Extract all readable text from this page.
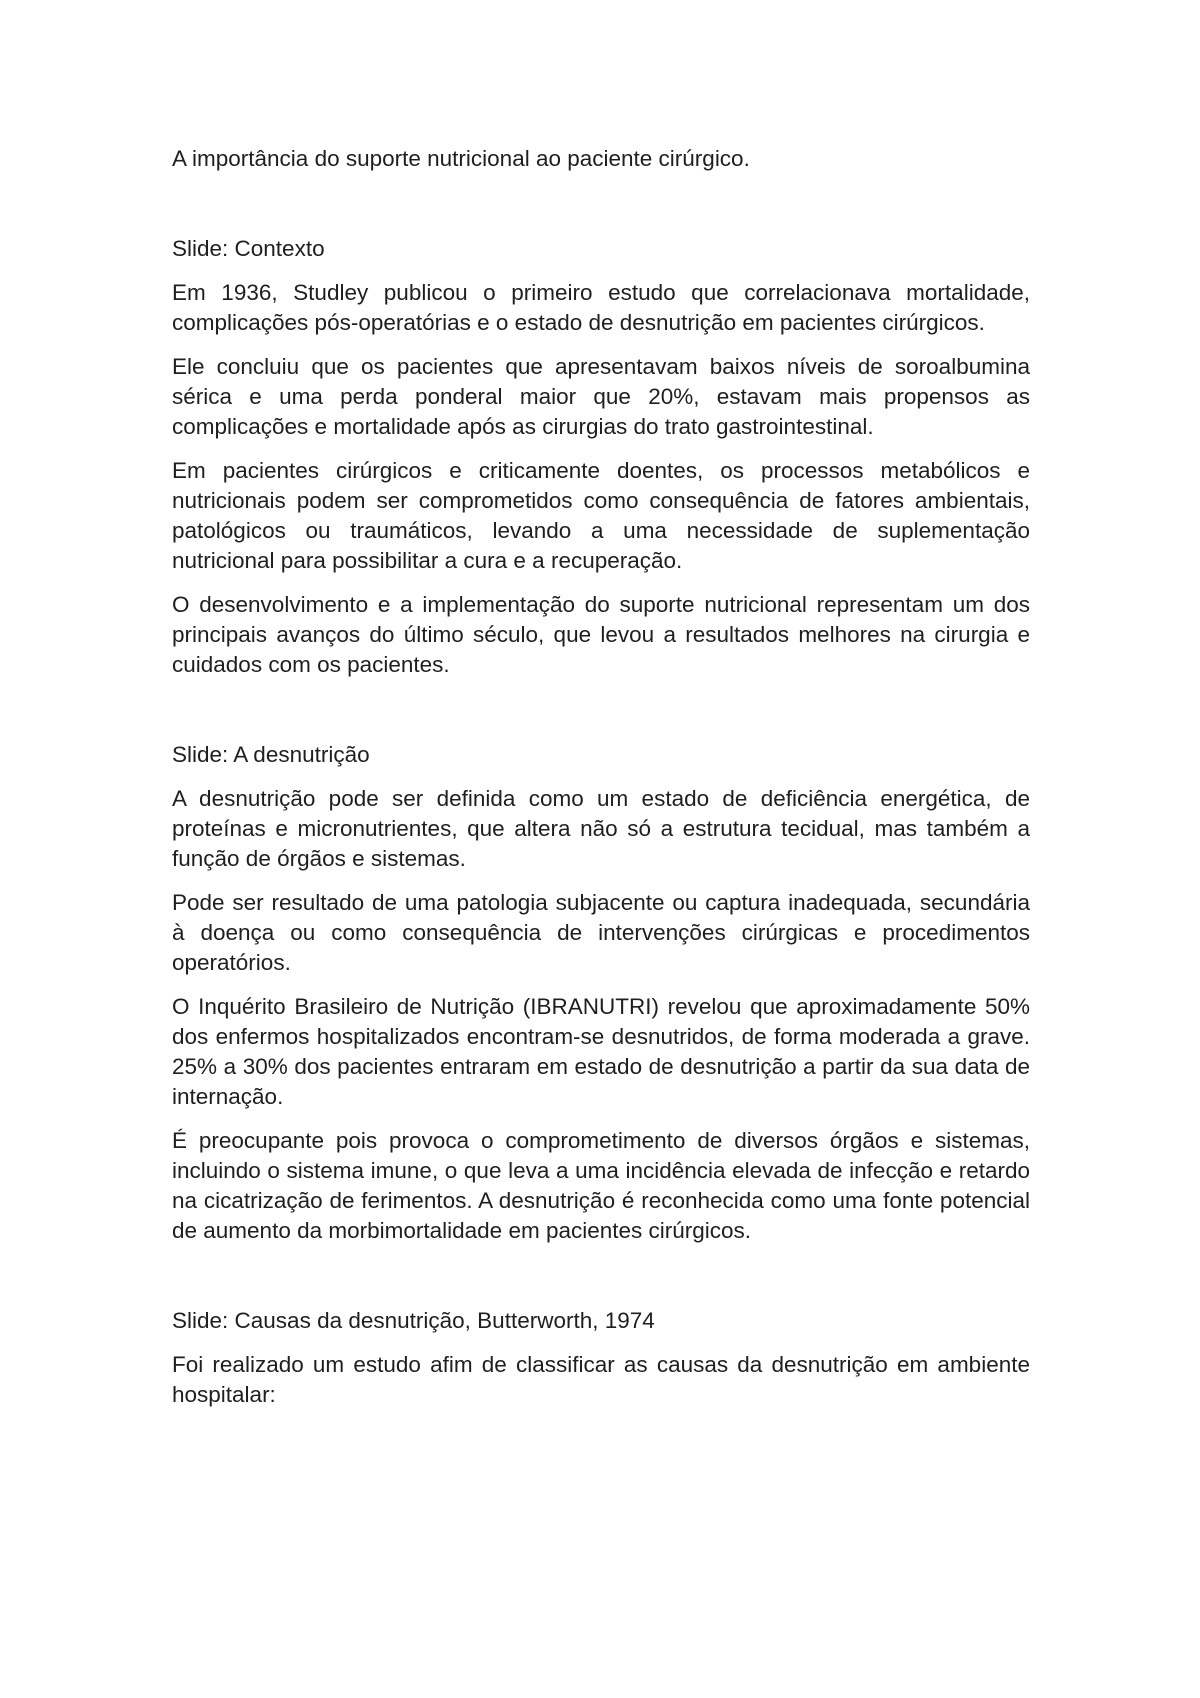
A importância do suporte nutricional ao paciente cirúrgico.

Slide: Contexto

Em 1936, Studley publicou o primeiro estudo que correlacionava mortalidade, complicações pós-operatórias e o estado de desnutrição em pacientes cirúrgicos.

Ele concluiu que os pacientes que apresentavam baixos níveis de soroalbumina sérica e uma perda ponderal maior que 20%, estavam mais propensos as complicações e mortalidade após as cirurgias do trato gastrointestinal.

Em pacientes cirúrgicos e criticamente doentes, os processos metabólicos e nutricionais podem ser comprometidos como consequência de fatores ambientais, patológicos ou traumáticos, levando a uma necessidade de suplementação nutricional para possibilitar a cura e a recuperação.

O desenvolvimento e a implementação do suporte nutricional representam um dos principais avanços do último século, que levou a resultados melhores na cirurgia e cuidados com os pacientes.

Slide: A desnutrição

A desnutrição pode ser definida como um estado de deficiência energética, de proteínas e micronutrientes, que altera não só a estrutura tecidual, mas também a função de órgãos e sistemas.

Pode ser resultado de uma patologia subjacente ou captura inadequada, secundária à doença ou como consequência de intervenções cirúrgicas e procedimentos operatórios.

O Inquérito Brasileiro de Nutrição (IBRANUTRI) revelou que aproximadamente 50% dos enfermos hospitalizados encontram-se desnutridos, de forma moderada a grave. 25% a 30% dos pacientes entraram em estado de desnutrição a partir da sua data de internação.

É preocupante pois provoca o comprometimento de diversos órgãos e sistemas, incluindo o sistema imune, o que leva a uma incidência elevada de infecção e retardo na cicatrização de ferimentos. A desnutrição é reconhecida como uma fonte potencial de aumento da morbimortalidade em pacientes cirúrgicos.

Slide: Causas da desnutrição, Butterworth, 1974

Foi realizado um estudo afim de classificar as causas da desnutrição em ambiente hospitalar:
